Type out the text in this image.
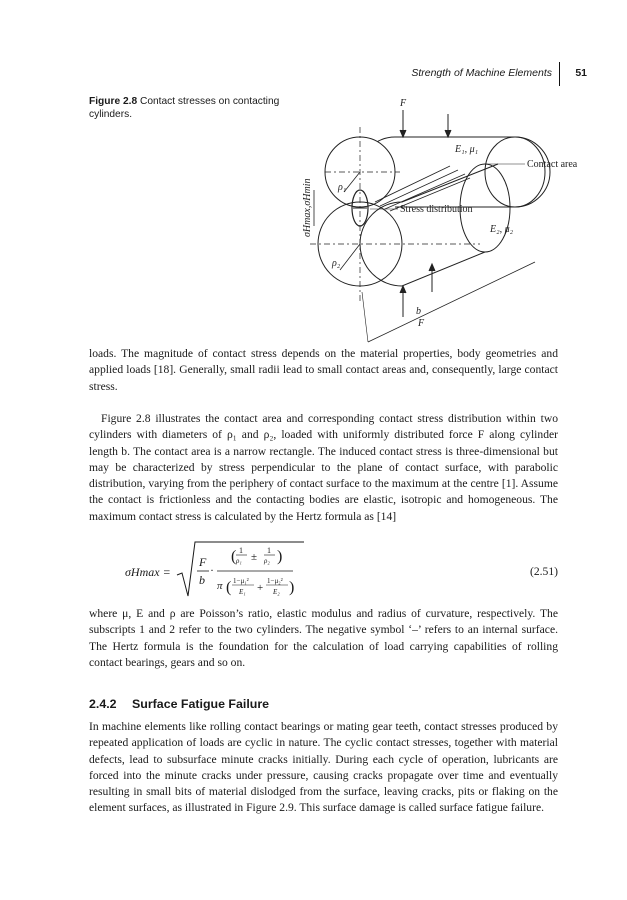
Strength of Machine Elements 51
Figure 2.8 Contact stresses on contacting cylinders.
F
F
E₁, μ₁
E₂, μ₂
Contact area
Stress distribution
ρ₁
ρ₂
b
σHmax,σHmin

loads. The magnitude of contact stress depends on the material properties, body geometries and applied loads [18]. Generally, small radii lead to small contact areas and, consequently, large contact stress.

Figure 2.8 illustrates the contact area and corresponding contact stress distribution within two cylinders with diameters of ρ₁ and ρ₂, loaded with uniformly distributed force F along cylinder length b. The contact area is a narrow rectangle. The induced contact stress is three-dimensional but may be characterized by stress perpendicular to the plane of contact surface, with parabolic distribution, varying from the periphery of contact surface to the maximum at the centre [1]. Assume the contact is frictionless and the contacting bodies are elastic, isotropic and homogeneous. The maximum contact stress is calculated by the Hertz formula as [14]

σHmax =
F
b
·
( 1
ρ₁ ±
1
ρ₂ )
π ( 1−μ₁²
E₁ +
1−μ₂²
E₂ )
(2.51)

where μ, E and ρ are Poisson’s ratio, elastic modulus and radius of curvature, respectively. The subscripts 1 and 2 refer to the two cylinders. The negative symbol ‘–’ refers to an internal surface. The Hertz formula is the foundation for the calculation of load carrying capabilities of rolling contact bearings, gears and so on.

2.4.2 Surface Fatigue Failure

In machine elements like rolling contact bearings or mating gear teeth, contact stresses produced by repeated application of loads are cyclic in nature. The cyclic contact stresses, together with material defects, lead to subsurface minute cracks initially. During each cycle of operation, lubricants are forced into the minute cracks under pressure, causing cracks propagate over time and eventually resulting in small bits of material dislodged from the surface, leaving cracks, pits or flaking on the element surfaces, as illustrated in Figure 2.9. This surface damage is called surface fatigue failure.
